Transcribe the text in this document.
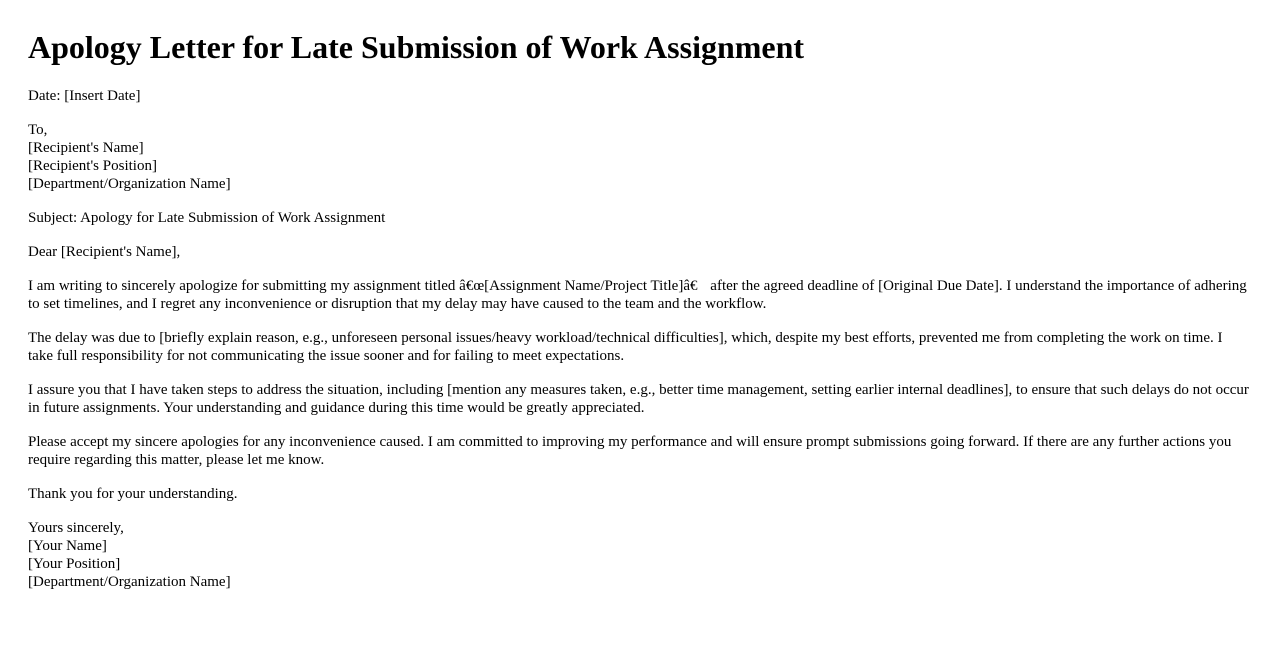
Apology Letter for Late Submission of Work Assignment

Date: [Insert Date]

To,
[Recipient's Name]
[Recipient's Position]
[Department/Organization Name]

Subject: Apology for Late Submission of Work Assignment

Dear [Recipient's Name],

I am writing to sincerely apologize for submitting my assignment titled â€œ[Assignment Name/Project Title]â€ after the agreed deadline of [Original Due Date]. I understand the importance of adhering to set timelines, and I regret any inconvenience or disruption that my delay may have caused to the team and the workflow.

The delay was due to [briefly explain reason, e.g., unforeseen personal issues/heavy workload/technical difficulties], which, despite my best efforts, prevented me from completing the work on time. I take full responsibility for not communicating the issue sooner and for failing to meet expectations.

I assure you that I have taken steps to address the situation, including [mention any measures taken, e.g., better time management, setting earlier internal deadlines], to ensure that such delays do not occur in future assignments. Your understanding and guidance during this time would be greatly appreciated.

Please accept my sincere apologies for any inconvenience caused. I am committed to improving my performance and will ensure prompt submissions going forward. If there are any further actions you require regarding this matter, please let me know.

Thank you for your understanding.

Yours sincerely,
[Your Name]
[Your Position]
[Department/Organization Name]
